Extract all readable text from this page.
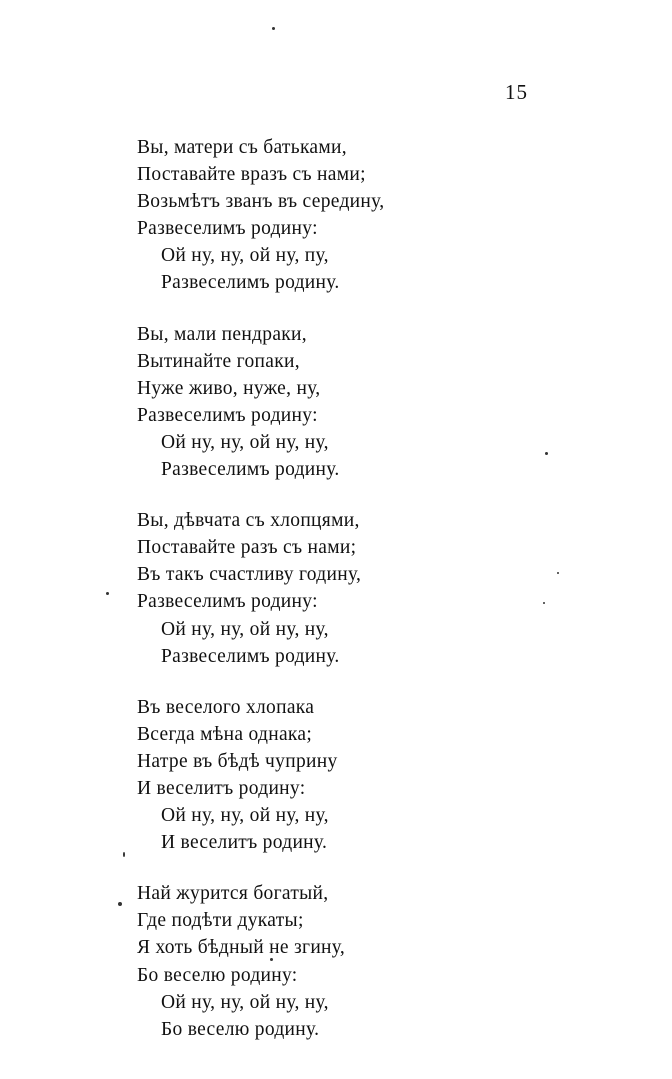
15
Вы, матери съ батьками,
Поставайте вразъ съ нами;
Возьмѣтъ званъ въ середину,
Развеселимъ родину:
Ой ну, ну, ой ну, пу,
Развеселимъ родину.
Вы, мали пендраки,
Вытинайте гопаки,
Нуже живо, нуже, ну,
Развеселимъ родину:
Ой ну, ну, ой ну, ну,
Развеселимъ родину.
Вы, дѣвчата съ хлопцями,
Поставайте разъ съ нами;
Въ такъ счастливу годину,
Развеселимъ родину:
Ой ну, ну, ой ну, ну,
Развеселимъ родину.
Въ веселого хлопака
Всегда мѣна однака;
Натре въ бѣдѣ чуприну
И веселитъ родину:
Ой ну, ну, ой ну, ну,
И веселитъ родину.
Най журится богатый,
Где подѣти дукаты;
Я хоть бѣдный не згину,
Бо веселю родину:
Ой ну, ну, ой ну, ну,
Бо веселю родину.
